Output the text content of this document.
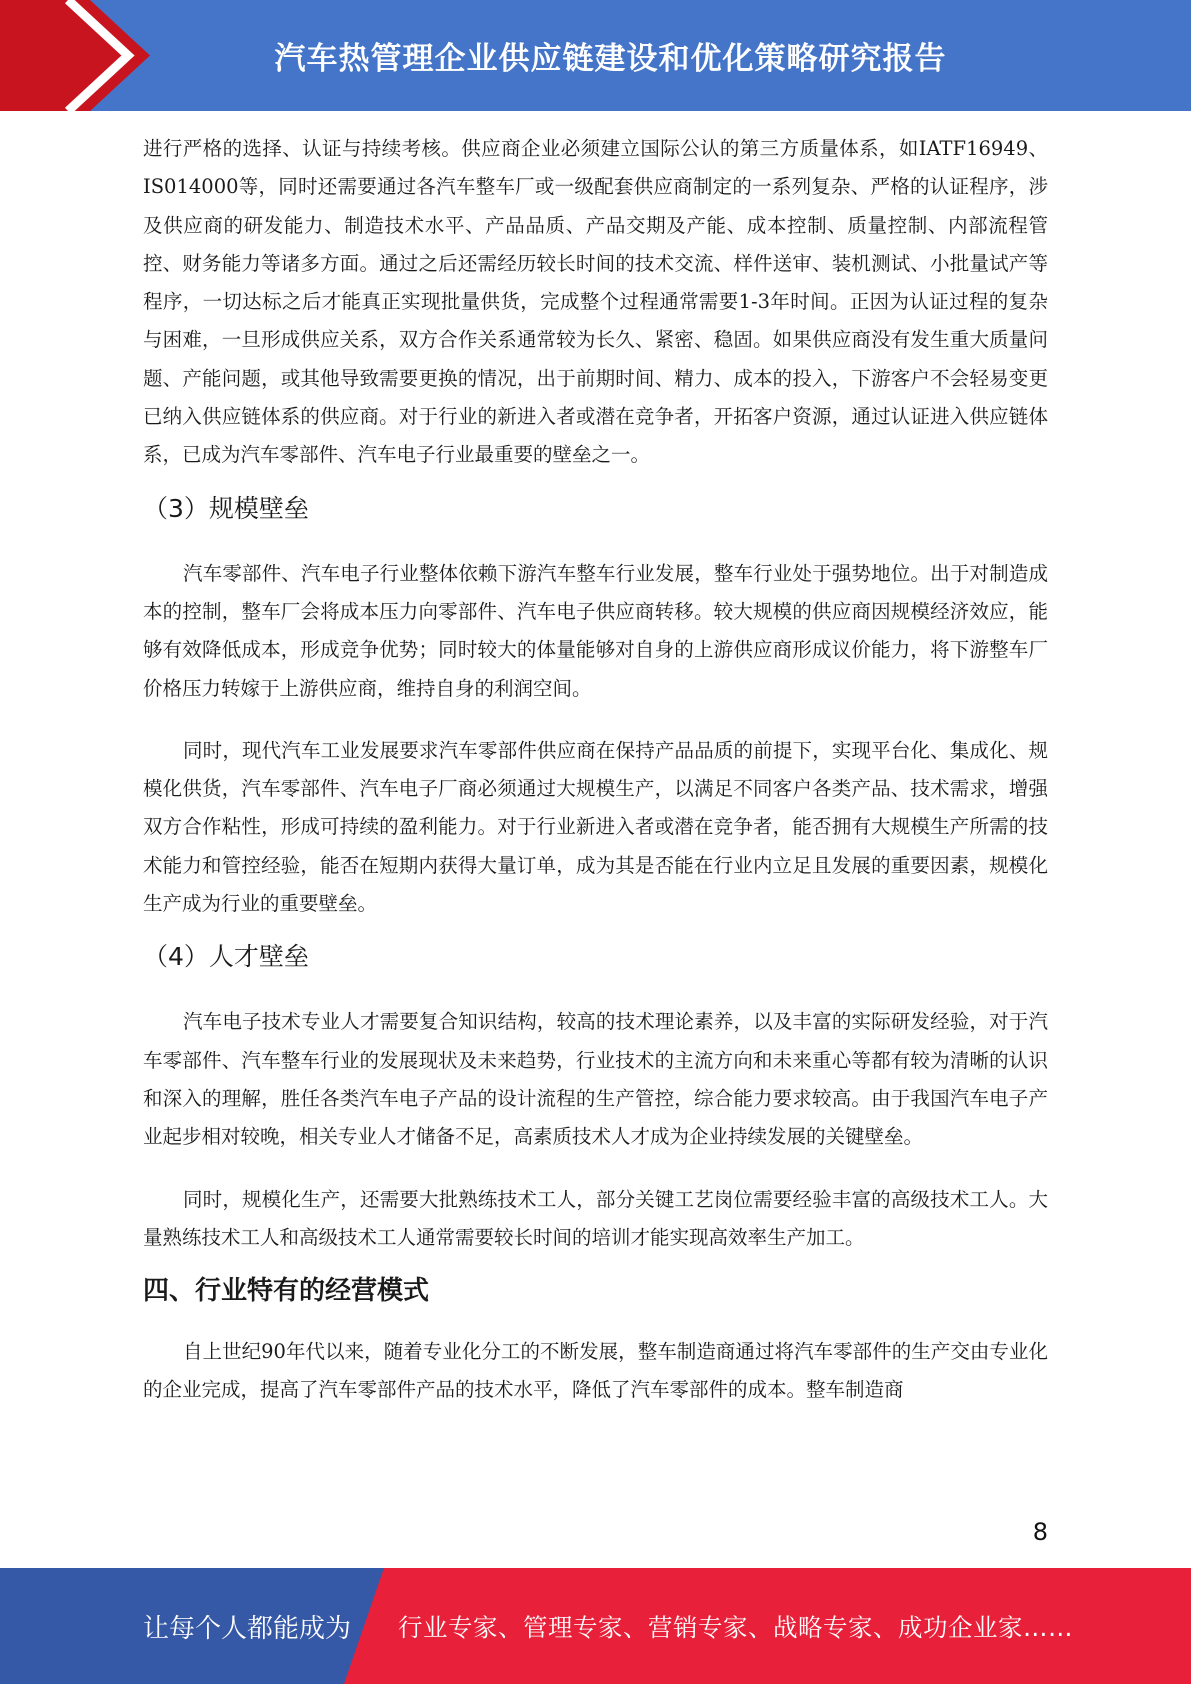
汽车热管理企业供应链建设和优化策略研究报告

进行严格的选择、认证与持续考核。供应商企业必须建立国际公认的第三方质量体系，如IATF16949、IS014000等，同时还需要通过各汽车整车厂或一级配套供应商制定的一系列复杂、严格的认证程序，涉及供应商的研发能力、制造技术水平、产品品质、产品交期及产能、成本控制、质量控制、内部流程管控、财务能力等诸多方面。通过之后还需经历较长时间的技术交流、样件送审、装机测试、小批量试产等程序，一切达标之后才能真正实现批量供货，完成整个过程通常需要1-3年时间。正因为认证过程的复杂与困难，一旦形成供应关系，双方合作关系通常较为长久、紧密、稳固。如果供应商没有发生重大质量问题、产能问题，或其他导致需要更换的情况，出于前期时间、精力、成本的投入，下游客户不会轻易变更已纳入供应链体系的供应商。对于行业的新进入者或潜在竞争者，开拓客户资源，通过认证进入供应链体系，已成为汽车零部件、汽车电子行业最重要的壁垒之一。

（3）规模壁垒

汽车零部件、汽车电子行业整体依赖下游汽车整车行业发展，整车行业处于强势地位。出于对制造成本的控制，整车厂会将成本压力向零部件、汽车电子供应商转移。较大规模的供应商因规模经济效应，能够有效降低成本，形成竞争优势；同时较大的体量能够对自身的上游供应商形成议价能力，将下游整车厂价格压力转嫁于上游供应商，维持自身的利润空间。

同时，现代汽车工业发展要求汽车零部件供应商在保持产品品质的前提下，实现平台化、集成化、规模化供货，汽车零部件、汽车电子厂商必须通过大规模生产，以满足不同客户各类产品、技术需求，增强双方合作粘性，形成可持续的盈利能力。对于行业新进入者或潜在竞争者，能否拥有大规模生产所需的技术能力和管控经验，能否在短期内获得大量订单，成为其是否能在行业内立足且发展的重要因素，规模化生产成为行业的重要壁垒。

（4）人才壁垒

汽车电子技术专业人才需要复合知识结构，较高的技术理论素养，以及丰富的实际研发经验，对于汽车零部件、汽车整车行业的发展现状及未来趋势，行业技术的主流方向和未来重心等都有较为清晰的认识和深入的理解，胜任各类汽车电子产品的设计流程的生产管控，综合能力要求较高。由于我国汽车电子产业起步相对较晚，相关专业人才储备不足，高素质技术人才成为企业持续发展的关键壁垒。

同时，规模化生产，还需要大批熟练技术工人，部分关键工艺岗位需要经验丰富的高级技术工人。大量熟练技术工人和高级技术工人通常需要较长时间的培训才能实现高效率生产加工。

四、行业特有的经营模式

自上世纪90年代以来，随着专业化分工的不断发展，整车制造商通过将汽车零部件的生产交由专业化的企业完成，提高了汽车零部件产品的技术水平，降低了汽车零部件的成本。整车制造商

8
让每个人都能成为 行业专家、管理专家、营销专家、战略专家、成功企业家……
